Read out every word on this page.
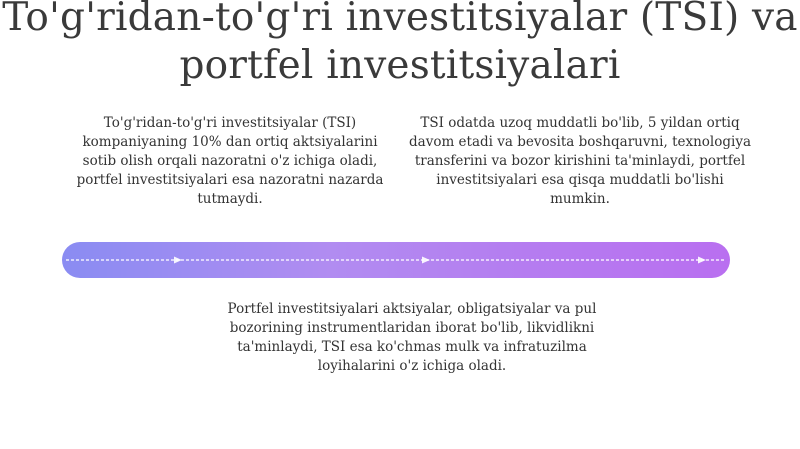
To'g'ridan-to'g'ri investitsiyalar (TSI) va portfel investitsiyalari

To'g'ridan-to'g'ri investitsiyalar (TSI) kompaniyaning 10% dan ortiq aktsiyalarini sotib olish orqali nazoratni o'z ichiga oladi, portfel investitsiyalari esa nazoratni nazarda tutmaydi.

TSI odatda uzoq muddatli bo'lib, 5 yildan ortiq davom etadi va bevosita boshqaruvni, texnologiya transferini va bozor kirishini ta'minlaydi, portfel investitsiyalari esa qisqa muddatli bo'lishi mumkin.

Portfel investitsiyalari aktsiyalar, obligatsiyalar va pul bozorining instrumentlaridan iborat bo'lib, likvidlikni ta'minlaydi, TSI esa ko'chmas mulk va infratuzilma loyihalarini o'z ichiga oladi.
